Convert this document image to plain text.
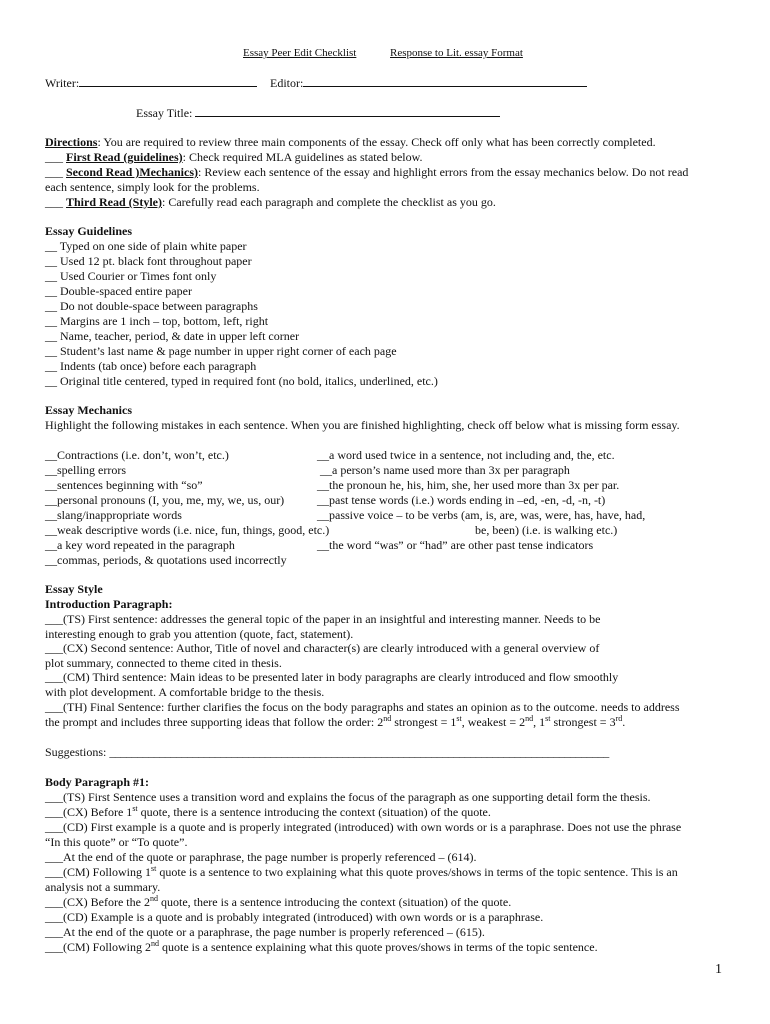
Essay Peer Edit Checklist	Response to Lit. essay Format
Writer:	Editor:
Essay Title:
Directions: You are required to review three main components of the essay. Check off only what has been correctly completed.
___ First Read (guidelines): Check required MLA guidelines as stated below.
___ Second Read )Mechanics): Review each sentence of the essay and highlight errors from the essay mechanics below. Do not read
each sentence, simply look for the problems.
___ Third Read (Style): Carefully read each paragraph and complete the checklist as you go.
Essay Guidelines
__ Typed on one side of plain white paper
__ Used 12 pt. black font throughout paper
__ Used Courier or Times font only
__ Double-spaced entire paper
__ Do not double-space between paragraphs
__ Margins are 1 inch – top, bottom, left, right
__ Name, teacher, period, & date in upper left corner
__ Student’s last name & page number in upper right corner of each page
__ Indents (tab once) before each paragraph
__ Original title centered, typed in required font (no bold, italics, underlined, etc.)
Essay Mechanics
Highlight the following mistakes in each sentence. When you are finished highlighting, check off below what is missing form essay.
__Contractions (i.e. don’t, won’t, etc.)
__spelling errors
__sentences beginning with “so”
__personal pronouns (I, you, me, my, we, us, our)
__slang/inappropriate words
__weak descriptive words (i.e. nice, fun, things, good, etc.)
__a key word repeated in the paragraph
__commas, periods, & quotations used incorrectly
__a word used twice in a sentence, not including and, the, etc.
__a person’s name used more than 3x per paragraph
__the pronoun he, his, him, she, her used more than 3x per par.
__past tense words (i.e.) words ending in –ed, -en, -d, -n, -t)
__passive voice – to be verbs (am, is, are, was, were, has, have, had,
be, been) (i.e. is walking etc.)
__the word “was” or “had” are other past tense indicators
Essay Style
Introduction Paragraph:
___(TS) First sentence: addresses the general topic of the paper in an insightful and interesting manner. Needs to be
interesting enough to grab you attention (quote, fact, statement).
___(CX) Second sentence: Author, Title of novel and character(s) are clearly introduced with a general overview of
plot summary, connected to theme cited in thesis.
___(CM) Third sentence: Main ideas to be presented later in body paragraphs are clearly introduced and flow smoothly
with plot development. A comfortable bridge to the thesis.
___(TH) Final Sentence: further clarifies the focus on the body paragraphs and states an opinion as to the outcome. needs to address
the prompt and includes three supporting ideas that follow the order: 2nd strongest = 1st, weakest = 2nd, 1st strongest = 3rd.
Suggestions: __________________________________________________________________________________________
Body Paragraph #1:
___(TS) First Sentence uses a transition word and explains the focus of the paragraph as one supporting detail form the thesis.
___(CX) Before 1st quote, there is a sentence introducing the context (situation) of the quote.
___(CD) First example is a quote and is properly integrated (introduced) with own words or is a paraphrase. Does not use the phrase
“In this quote” or “To quote”.
___At the end of the quote or paraphrase, the page number is properly referenced – (614).
___(CM) Following 1st quote is a sentence to two explaining what this quote proves/shows in terms of the topic sentence. This is an
analysis not a summary.
___(CX) Before the 2nd quote, there is a sentence introducing the context (situation) of the quote.
___(CD) Example is a quote and is probably integrated (introduced) with own words or is a paraphrase.
___At the end of the quote or a paraphrase, the page number is properly referenced – (615).
___(CM) Following 2nd quote is a sentence explaining what this quote proves/shows in terms of the topic sentence.
1
